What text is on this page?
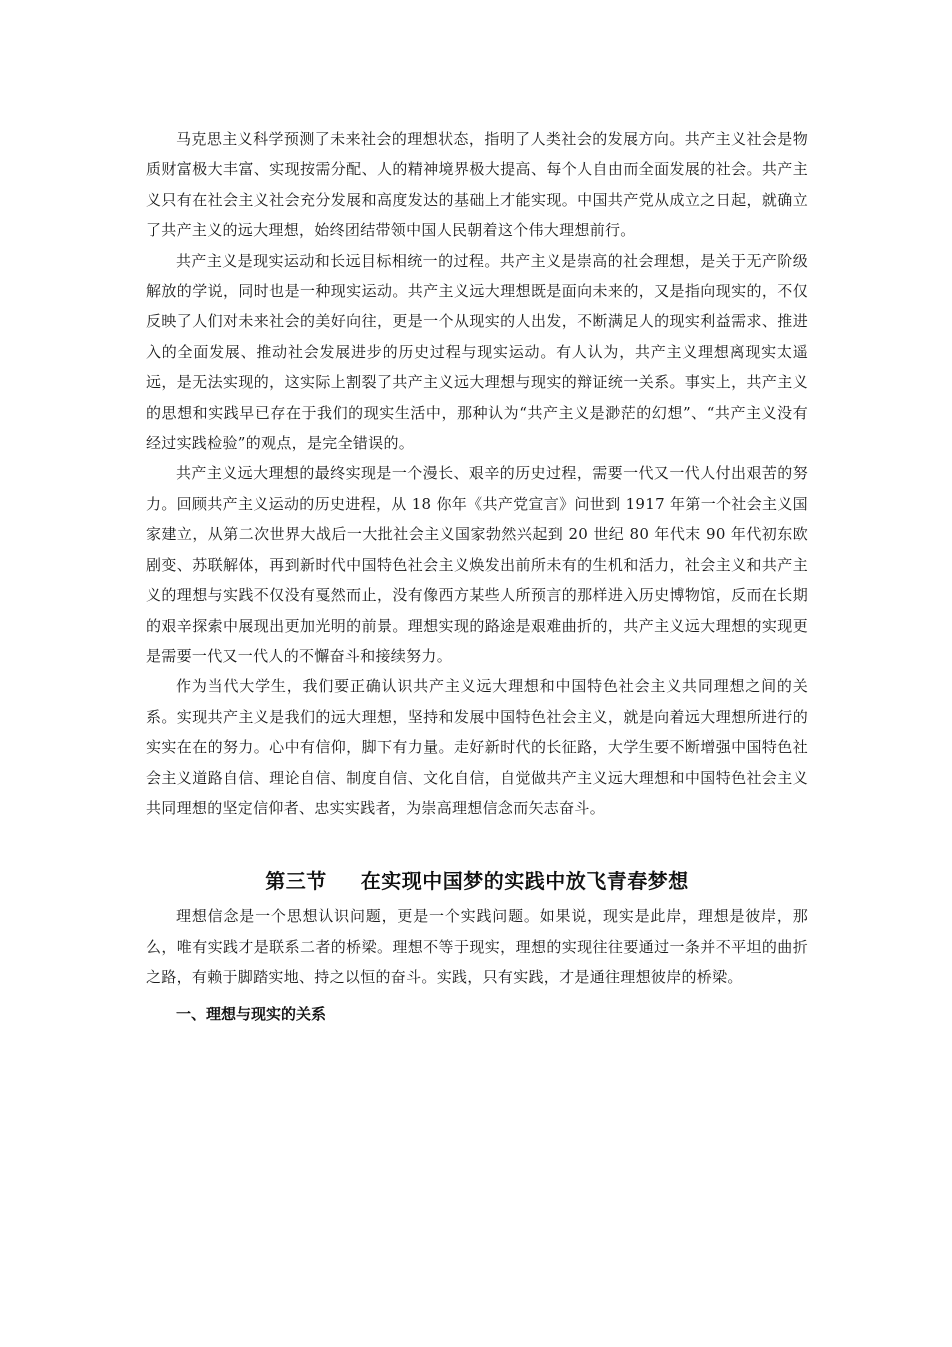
马克思主义科学预测了未来社会的理想状态，指明了人类社会的发展方向。共产主义社会是物质财富极大丰富、实现按需分配、人的精神境界极大提高、每个人自由而全面发展的社会。共产主义只有在社会主义社会充分发展和高度发达的基础上才能实现。中国共产党从成立之日起，就确立了共产主义的远大理想，始终团结带领中国人民朝着这个伟大理想前行。

共产主义是现实运动和长远目标相统一的过程。共产主义是崇高的社会理想，是关于无产阶级解放的学说，同时也是一种现实运动。共产主义远大理想既是面向未来的，又是指向现实的，不仅反映了人们对未来社会的美好向往，更是一个从现实的人出发，不断满足人的现实利益需求、推进入的全面发展、推动社会发展进步的历史过程与现实运动。有人认为，共产主义理想离现实太遥远，是无法实现的，这实际上割裂了共产主义远大理想与现实的辩证统一关系。事实上，共产主义的思想和实践早已存在于我们的现实生活中，那种认为“共产主义是渺茫的幻想”、“共产主义没有经过实践检验”的观点，是完全错误的。

共产主义远大理想的最终实现是一个漫长、艰辛的历史过程，需要一代又一代人付出艰苦的努力。回顾共产主义运动的历史进程，从 18 你年《共产党宣言》问世到 1917 年第一个社会主义国家建立，从第二次世界大战后一大批社会主义国家勃然兴起到 20 世纪 80 年代末 90 年代初东欧剧变、苏联解体，再到新时代中国特色社会主义焕发出前所未有的生机和活力，社会主义和共产主义的理想与实践不仅没有戛然而止，没有像西方某些人所预言的那样进入历史博物馆，反而在长期的艰辛探索中展现出更加光明的前景。理想实现的路途是艰难曲折的，共产主义远大理想的实现更是需要一代又一代人的不懈奋斗和接续努力。

作为当代大学生，我们要正确认识共产主义远大理想和中国特色社会主义共同理想之间的关系。实现共产主义是我们的远大理想，坚持和发展中国特色社会主义，就是向着远大理想所进行的实实在在的努力。心中有信仰，脚下有力量。走好新时代的长征路，大学生要不断增强中国特色社会主义道路自信、理论自信、制度自信、文化自信，自觉做共产主义远大理想和中国特色社会主义共同理想的坚定信仰者、忠实实践者，为崇高理想信念而矢志奋斗。

第三节 在实现中国梦的实践中放飞青春梦想

理想信念是一个思想认识问题，更是一个实践问题。如果说，现实是此岸，理想是彼岸，那么，唯有实践才是联系二者的桥梁。理想不等于现实，理想的实现往往要通过一条并不平坦的曲折之路，有赖于脚踏实地、持之以恒的奋斗。实践，只有实践，才是通往理想彼岸的桥梁。

一、理想与现实的关系
